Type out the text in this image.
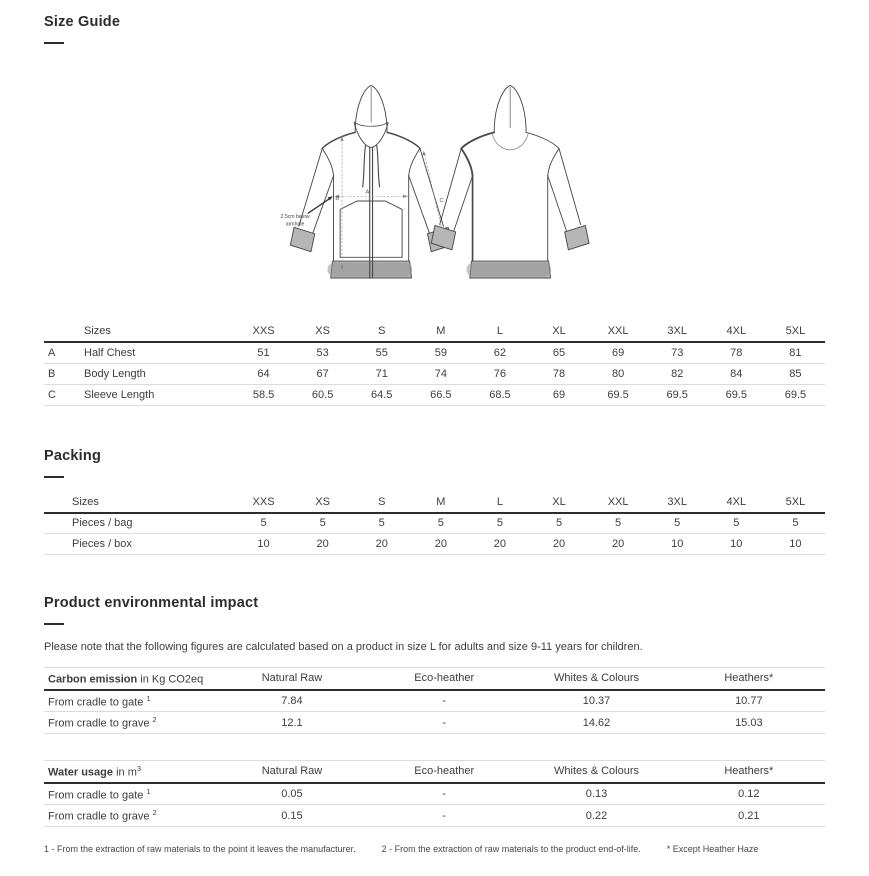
Size Guide
A
B	C
2.5cm below
armhole
	Sizes	XXS	XS	S	M	L	XL	XXL	3XL	4XL	5XL
A	Half Chest	51	53	55	59	62	65	69	73	78	81
B	Body Length	64	67	71	74	76	78	80	82	84	85
C	Sleeve Length	58.5	60.5	64.5	66.5	68.5	69	69.5	69.5	69.5	69.5
Packing
	Sizes	XXS	XS	S	M	L	XL	XXL	3XL	4XL	5XL
	Pieces / bag	5	5	5	5	5	5	5	5	5	5
	Pieces / box	10	20	20	20	20	20	20	10	10	10
Product environmental impact

Please note that the following figures are calculated based on a product in size L for adults and size 9-11 years for children.

Carbon emission in Kg CO2eq	Natural Raw	Eco-heather	Whites & Colours	Heathers*
From cradle to gate $^1$	7.84	-	10.37	10.77
From cradle to grave $^2$	12.1	-	14.62	15.03
Water usage in $m^3$	Natural Raw	Eco-heather	Whites & Colours	Heathers*
From cradle to gate $^1$	0.05	-	0.13	0.12
From cradle to grave $^2$	0.15	-	0.22	0.21
1 - From the extraction of raw materials to the point it leaves the manufacturer.	2 - From the extraction of raw materials to the product end-of-life.	* Except Heather Haze
